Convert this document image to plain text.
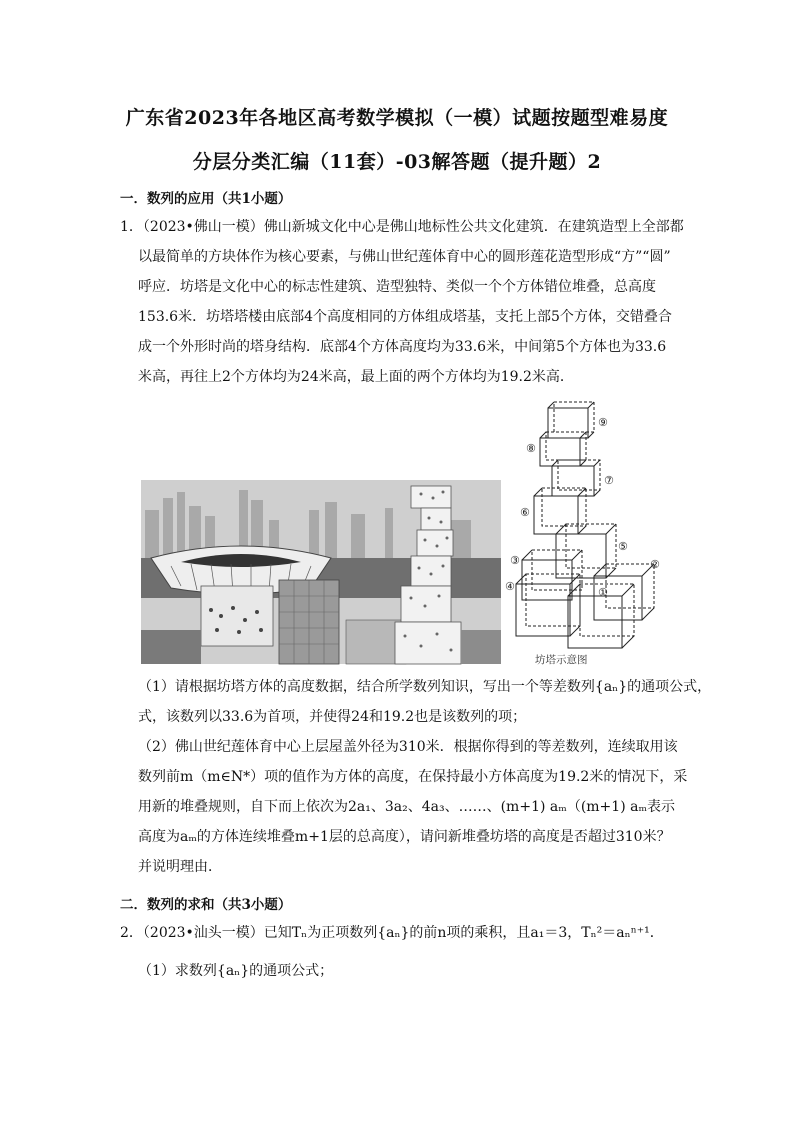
广东省2023年各地区高考数学模拟（一模）试题按题型难易度
分层分类汇编（11套）-03解答题（提升题）2
一．数列的应用（共1小题）
1．（2023•佛山一模）佛山新城文化中心是佛山地标性公共文化建筑．在建筑造型上全部都
以最简单的方块体作为核心要素，与佛山世纪莲体育中心的圆形莲花造型形成“方”“圆”
呼应．坊塔是文化中心的标志性建筑、造型独特、类似一个个方体错位堆叠，总高度
153.6米．坊塔塔楼由底部4个高度相同的方体组成塔基，支托上部5个方体，交错叠合
成一个外形时尚的塔身结构．底部4个方体高度均为33.6米，中间第5个方体也为33.6
米高，再往上2个方体均为24米高，最上面的两个方体均为19.2米高．
⑨
⑧
⑦
⑥
⑤
③	②
④	①
坊塔示意图
（1）请根据坊塔方体的高度数据，结合所学数列知识，写出一个等差数列{aₙ}的通项公式，
式，该数列以33.6为首项，并使得24和19.2也是该数列的项；
（2）佛山世纪莲体育中心上层屋盖外径为310米．根据你得到的等差数列，连续取用该
数列前m（m∈N*）项的值作为方体的高度，在保持最小方体高度为19.2米的情况下，采
用新的堆叠规则，自下而上依次为2a₁、3a₂、4a₃、……、(m+1) aₘ（(m+1) aₘ表示
高度为aₘ的方体连续堆叠m+1层的总高度），请问新堆叠坊塔的高度是否超过310米？
并说明理由．
二．数列的求和（共3小题）
2．（2023•汕头一模）已知Tₙ为正项数列{aₙ}的前n项的乘积，且a₁＝3，Tₙ²＝aₙⁿ⁺¹．
（1）求数列{aₙ}的通项公式；
